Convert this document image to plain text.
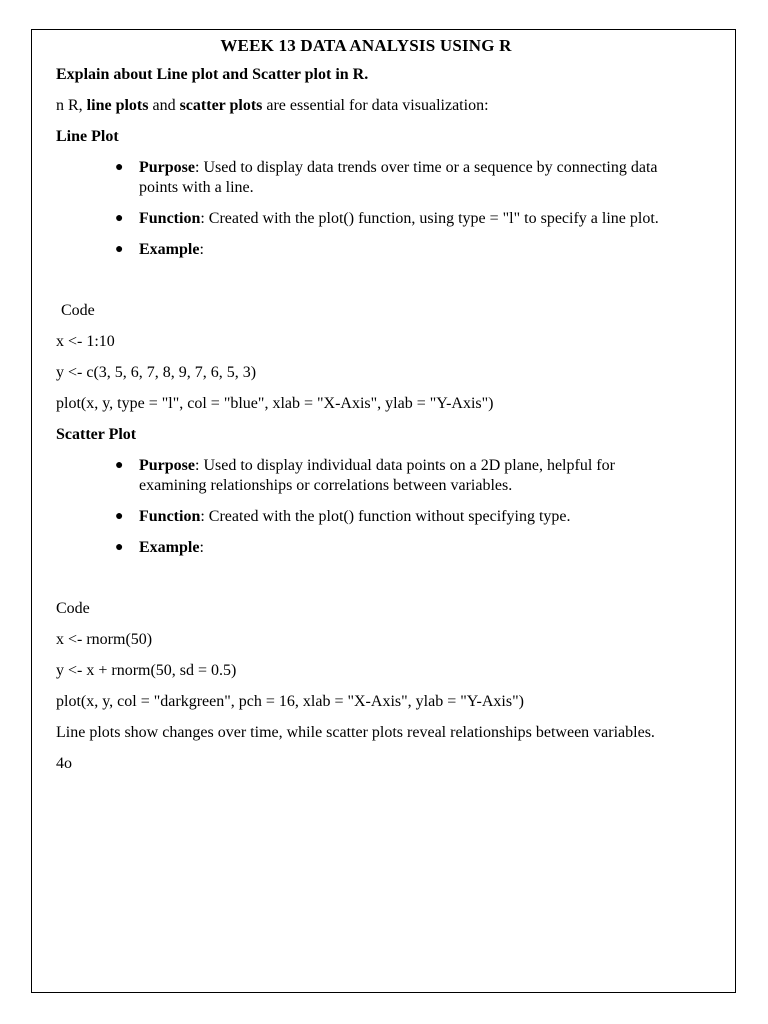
WEEK 13 DATA ANALYSIS USING R

Explain about Line plot and Scatter plot in R.

n R, line plots and scatter plots are essential for data visualization:

Line Plot

● Purpose: Used to display data trends over time or a sequence by connecting data points with a line.
● Function: Created with the plot() function, using type = "l" to specify a line plot.
● Example:

Code

x <- 1:10

y <- c(3, 5, 6, 7, 8, 9, 7, 6, 5, 3)

plot(x, y, type = "l", col = "blue", xlab = "X-Axis", ylab = "Y-Axis")

Scatter Plot

● Purpose: Used to display individual data points on a 2D plane, helpful for examining relationships or correlations between variables.
● Function: Created with the plot() function without specifying type.
● Example:

Code

x <- rnorm(50)

y <- x + rnorm(50, sd = 0.5)

plot(x, y, col = "darkgreen", pch = 16, xlab = "X-Axis", ylab = "Y-Axis")

Line plots show changes over time, while scatter plots reveal relationships between variables.

4o
